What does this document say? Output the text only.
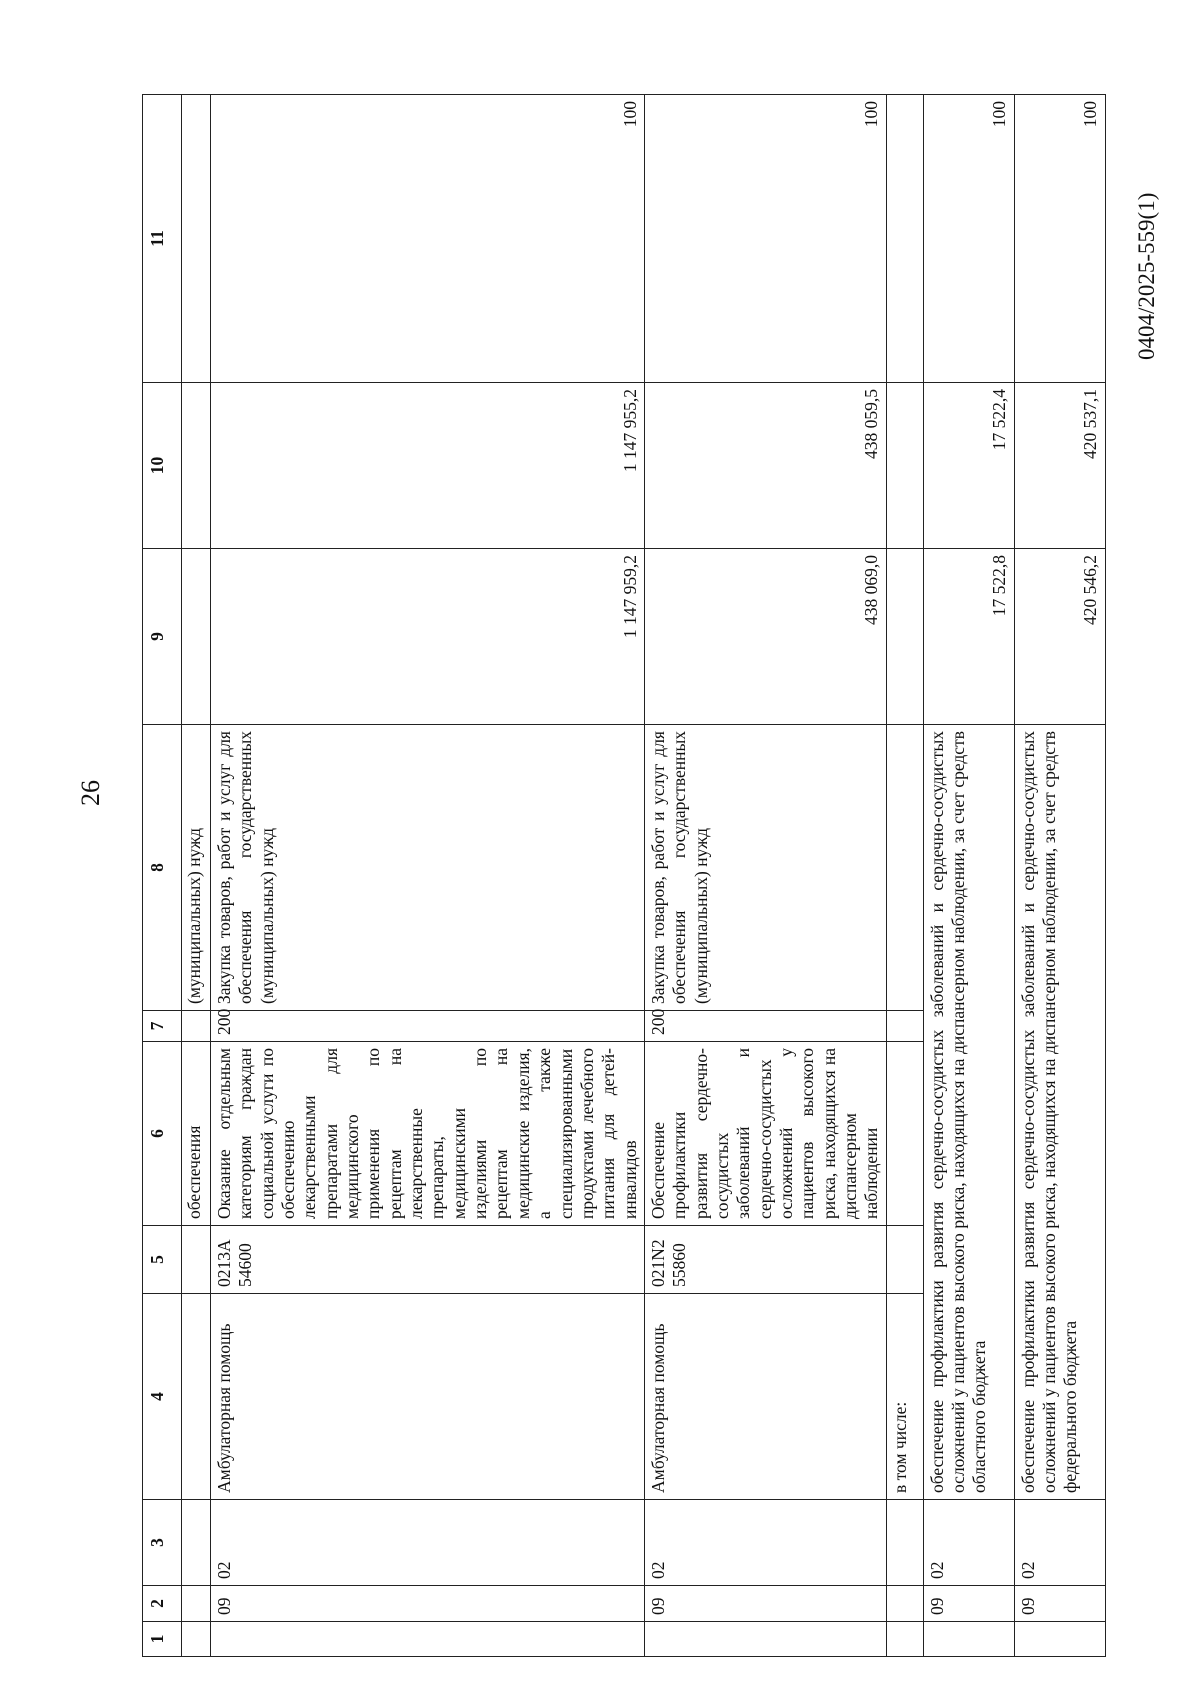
26
1	2	3	4	5	6	7	8	9	10	11
					обеспечения		(муниципальных) нужд			
	09	02	Амбулаторная помощь	0213А 54600	Оказание отдельным категориям граждан социальной услуги по обеспечению лекарственными препаратами для медицинского применения по рецептам на лекарственные препараты, медицинскими изделиями по рецептам на медицинские изделия, а также специализированными продуктами лечебного питания для детей-инвалидов	200	Закупка товаров, работ и услуг для обеспечения государственных (муниципальных) нужд	1 147 959,2	1 147 955,2	100
	09	02	Амбулаторная помощь	021N2 55860	Обеспечение профилактики развития сердечно-сосудистых заболеваний и сердечно-сосудистых осложнений у пациентов высокого риска, находящихся на диспансерном наблюдении	200	Закупка товаров, работ и услуг для обеспечения государственных (муниципальных) нужд	438 069,0	438 059,5	100
			в том числе:							
	09	02	обеспечение профилактики развития сердечно-сосудистых заболеваний и сердечно-сосудистых осложнений у пациентов высокого риска, находящихся на диспансерном наблюдении, за счет средств областного бюджета					17 522,8	17 522,4	100
	09	02	обеспечение профилактики развития сердечно-сосудистых заболеваний и сердечно-сосудистых осложнений у пациентов высокого риска, находящихся на диспансерном наблюдении, за счет средств федерального бюджета					420 546,2	420 537,1	100
0404/2025-559(1)
